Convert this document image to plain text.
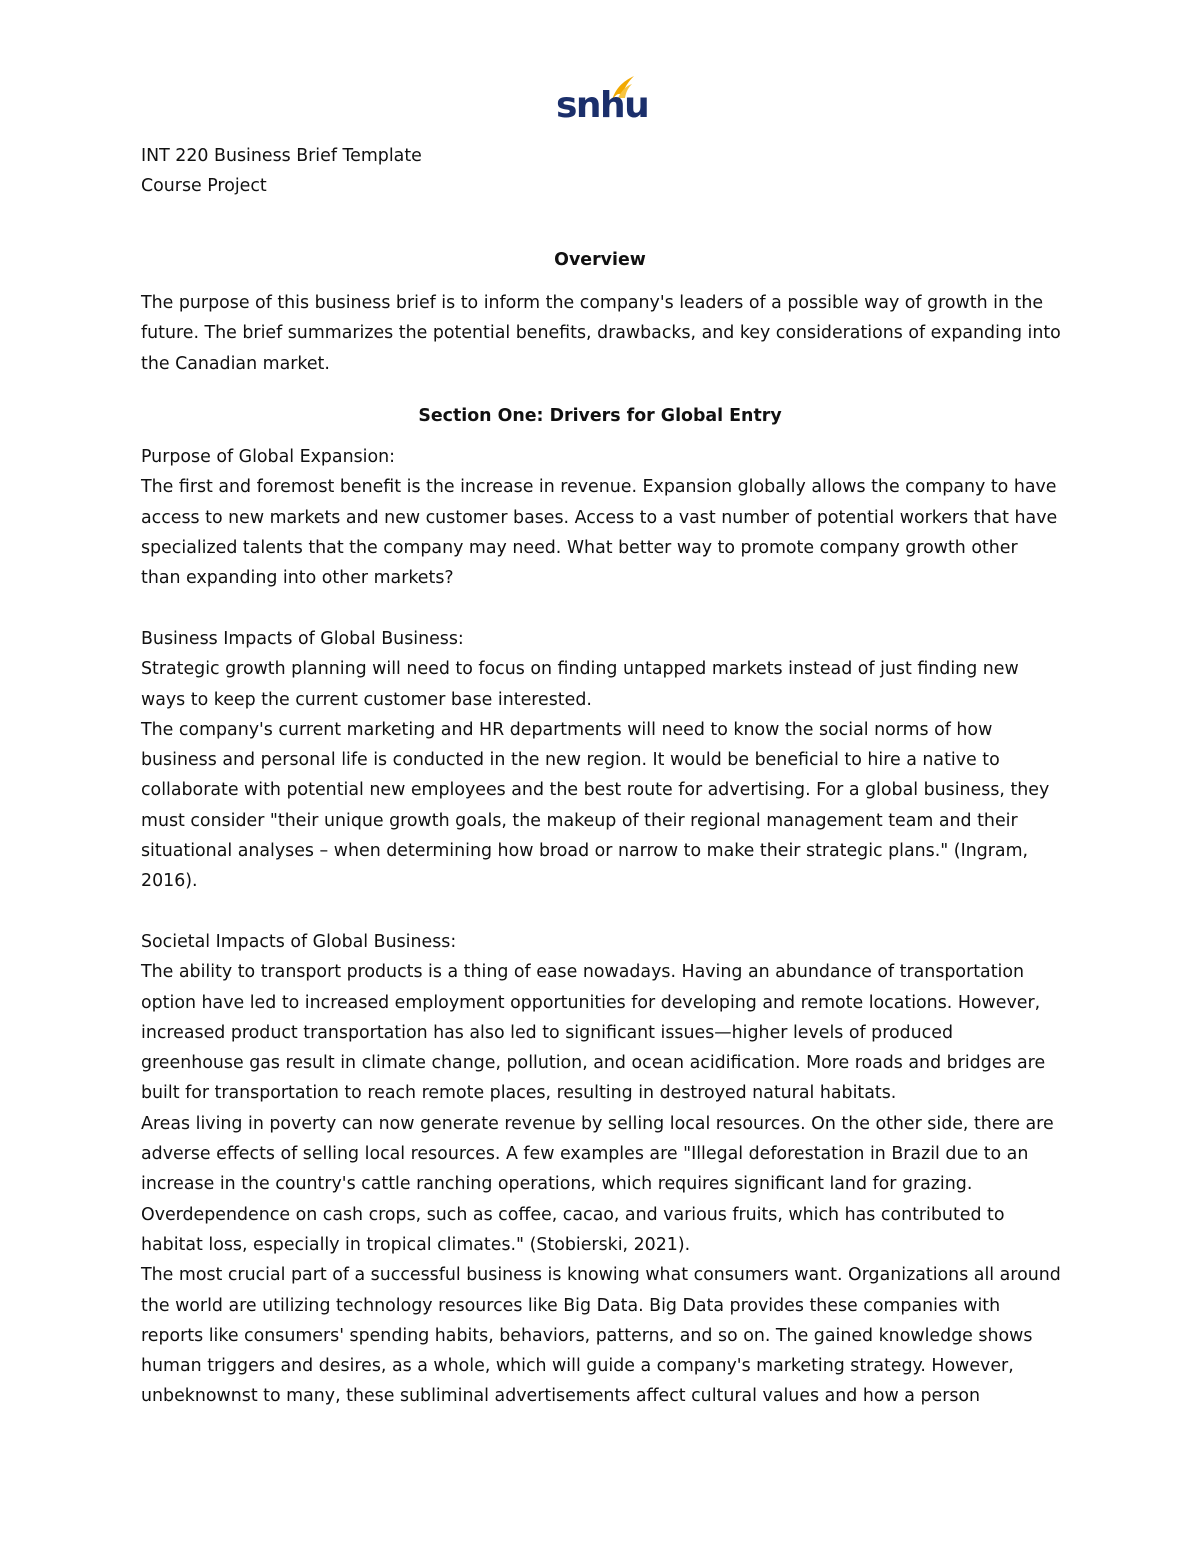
snhu
INT 220 Business Brief Template
Course Project
Overview
The purpose of this business brief is to inform the company's leaders of a possible way of growth in the
future. The brief summarizes the potential benefits, drawbacks, and key considerations of expanding into
the Canadian market.
Section One: Drivers for Global Entry
Purpose of Global Expansion:
The first and foremost benefit is the increase in revenue. Expansion globally allows the company to have
access to new markets and new customer bases. Access to a vast number of potential workers that have
specialized talents that the company may need. What better way to promote company growth other
than expanding into other markets?
Business Impacts of Global Business:
Strategic growth planning will need to focus on finding untapped markets instead of just finding new
ways to keep the current customer base interested.
The company's current marketing and HR departments will need to know the social norms of how
business and personal life is conducted in the new region. It would be beneficial to hire a native to
collaborate with potential new employees and the best route for advertising. For a global business, they
must consider "their unique growth goals, the makeup of their regional management team and their
situational analyses – when determining how broad or narrow to make their strategic plans." (Ingram,
2016).
Societal Impacts of Global Business:
The ability to transport products is a thing of ease nowadays. Having an abundance of transportation
option have led to increased employment opportunities for developing and remote locations. However,
increased product transportation has also led to significant issues—higher levels of produced
greenhouse gas result in climate change, pollution, and ocean acidification. More roads and bridges are
built for transportation to reach remote places, resulting in destroyed natural habitats.
Areas living in poverty can now generate revenue by selling local resources. On the other side, there are
adverse effects of selling local resources. A few examples are "Illegal deforestation in Brazil due to an
increase in the country's cattle ranching operations, which requires significant land for grazing.
Overdependence on cash crops, such as coffee, cacao, and various fruits, which has contributed to
habitat loss, especially in tropical climates." (Stobierski, 2021).
The most crucial part of a successful business is knowing what consumers want. Organizations all around
the world are utilizing technology resources like Big Data. Big Data provides these companies with
reports like consumers' spending habits, behaviors, patterns, and so on. The gained knowledge shows
human triggers and desires, as a whole, which will guide a company's marketing strategy. However,
unbeknownst to many, these subliminal advertisements affect cultural values and how a person
